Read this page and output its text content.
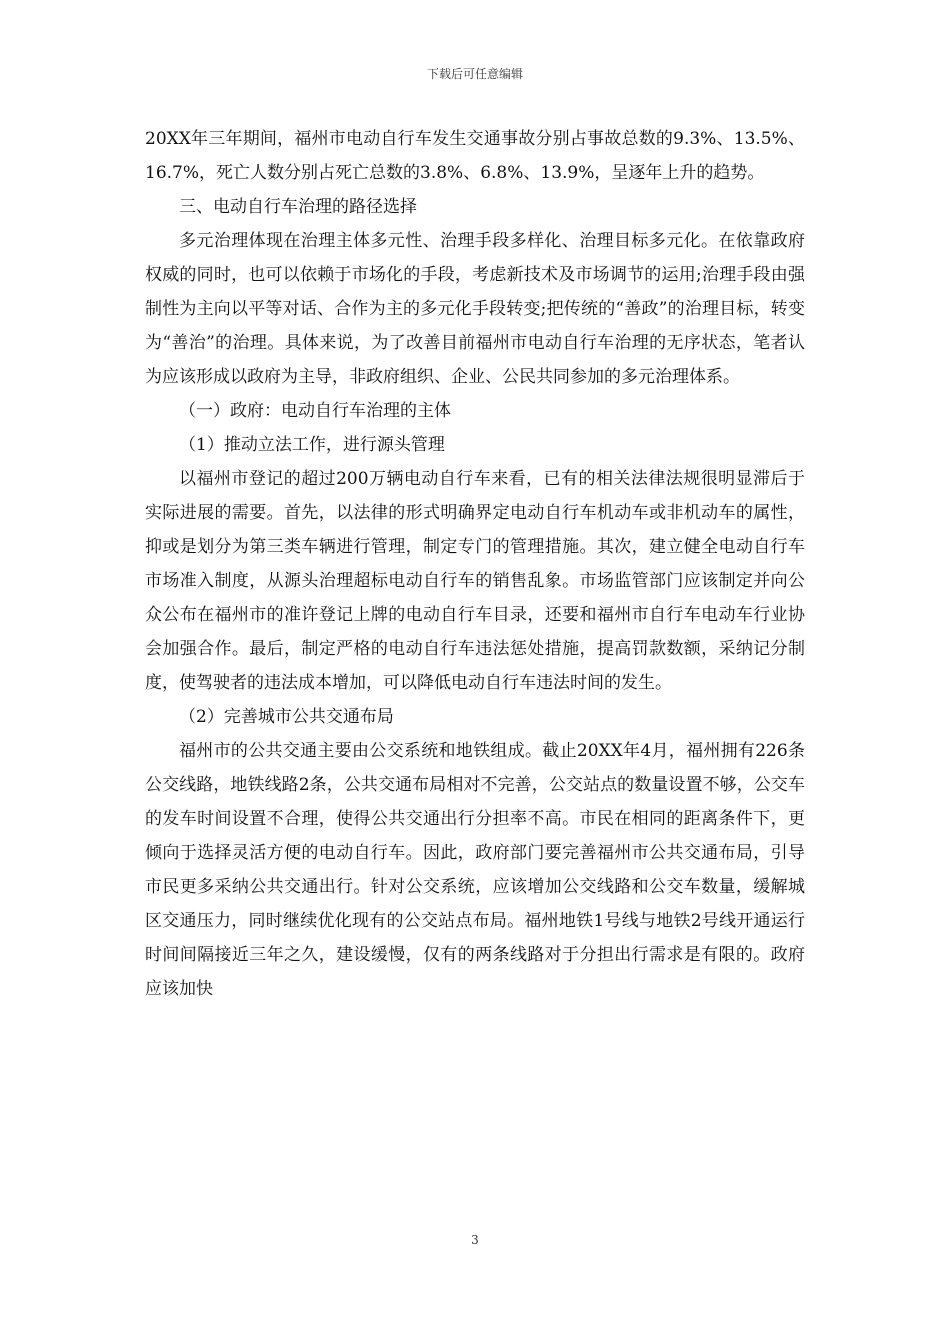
下载后可任意编辑

20XX年三年期间，福州市电动自行车发生交通事故分别占事故总数的9.3%、13.5%、16.7%，死亡人数分别占死亡总数的3.8%、6.8%、13.9%，呈逐年上升的趋势。

三、电动自行车治理的路径选择

多元治理体现在治理主体多元性、治理手段多样化、治理目标多元化。在依靠政府权威的同时，也可以依赖于市场化的手段，考虑新技术及市场调节的运用;治理手段由强制性为主向以平等对话、合作为主的多元化手段转变;把传统的“善政”的治理目标，转变为“善治”的治理。具体来说，为了改善目前福州市电动自行车治理的无序状态，笔者认为应该形成以政府为主导，非政府组织、企业、公民共同参加的多元治理体系。

（一）政府：电动自行车治理的主体

（1）推动立法工作，进行源头管理

以福州市登记的超过200万辆电动自行车来看，已有的相关法律法规很明显滞后于实际进展的需要。首先，以法律的形式明确界定电动自行车机动车或非机动车的属性，抑或是划分为第三类车辆进行管理，制定专门的管理措施。其次，建立健全电动自行车市场准入制度，从源头治理超标电动自行车的销售乱象。市场监管部门应该制定并向公众公布在福州市的准许登记上牌的电动自行车目录，还要和福州市自行车电动车行业协会加强合作。最后，制定严格的电动自行车违法惩处措施，提高罚款数额，采纳记分制度，使驾驶者的违法成本增加，可以降低电动自行车违法时间的发生。

（2）完善城市公共交通布局

福州市的公共交通主要由公交系统和地铁组成。截止20XX年4月，福州拥有226条公交线路，地铁线路2条，公共交通布局相对不完善，公交站点的数量设置不够，公交车的发车时间设置不合理，使得公共交通出行分担率不高。市民在相同的距离条件下，更倾向于选择灵活方便的电动自行车。因此，政府部门要完善福州市公共交通布局，引导市民更多采纳公共交通出行。针对公交系统，应该增加公交线路和公交车数量，缓解城区交通压力，同时继续优化现有的公交站点布局。福州地铁1号线与地铁2号线开通运行时间间隔接近三年之久，建设缓慢，仅有的两条线路对于分担出行需求是有限的。政府应该加快

3
